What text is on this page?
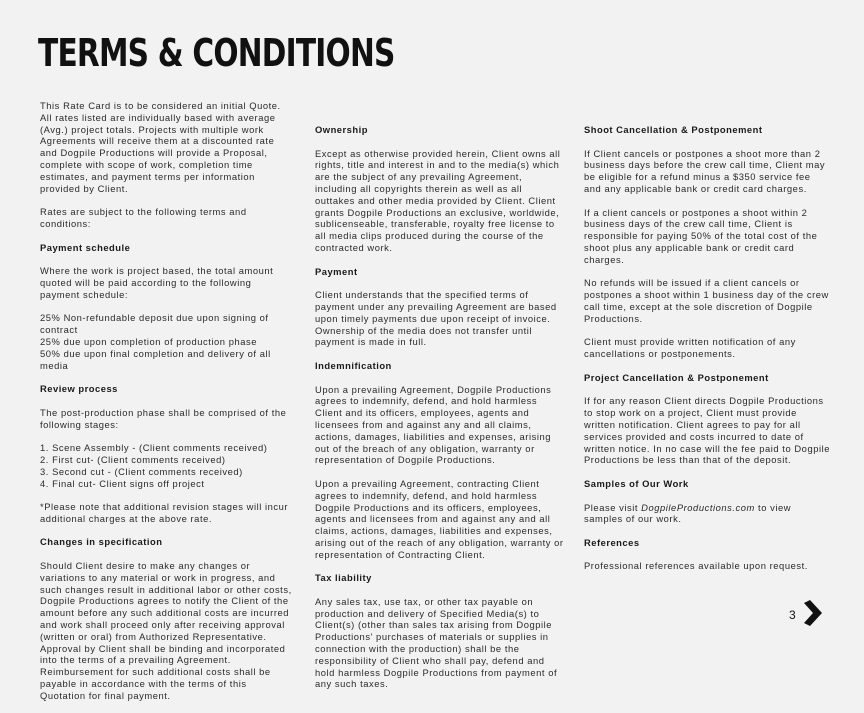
TERMS & CONDITIONS

This Rate Card is to be considered an initial Quote. All rates listed are individually based with average (Avg.) project totals. Projects with multiple work Agreements will receive them at a discounted rate and Dogpile Productions will provide a Proposal, complete with scope of work, completion time estimates, and payment terms per information provided by Client.

Rates are subject to the following terms and conditions:

Payment schedule

Where the work is project based, the total amount quoted will be paid according to the following payment schedule:

25% Non-refundable deposit due upon signing of contract
25% due upon completion of production phase
50% due upon final completion and delivery of all media
Review process

The post-production phase shall be comprised of the following stages:

1. Scene Assembly - (Client comments received)
2. First cut- (Client comments received)
3. Second cut - (Client comments received)
4. Final cut- Client signs off project

*Please note that additional revision stages will incur additional charges at the above rate.

Changes in specification

Should Client desire to make any changes or variations to any material or work in progress, and such changes result in additional labor or other costs, Dogpile Productions agrees to notify the Client of the amount before any such additional costs are incurred and work shall proceed only after receiving approval (written or oral) from Authorized Representative. Approval by Client shall be binding and incorporated into the terms of a prevailing Agreement. Reimbursement for such additional costs shall be payable in accordance with the terms of this Quotation for final payment.

Ownership

Except as otherwise provided herein, Client owns all rights, title and interest in and to the media(s) which are the subject of any prevailing Agreement, including all copyrights therein as well as all outtakes and other media provided by Client. Client grants Dogpile Productions an exclusive, worldwide, sublicenseable, transferable, royalty free license to all media clips produced during the course of the contracted work.

Payment

Client understands that the specified terms of payment under any prevailing Agreement are based upon timely payments due upon receipt of invoice. Ownership of the media does not transfer until payment is made in full.

Indemnification

Upon a prevailing Agreement, Dogpile Productions agrees to indemnify, defend, and hold harmless Client and its officers, employees, agents and licensees from and against any and all claims, actions, damages, liabilities and expenses, arising out of the breach of any obligation, warranty or representation of Dogpile Productions.

Upon a prevailing Agreement, contracting Client agrees to indemnify, defend, and hold harmless Dogpile Productions and its officers, employees, agents and licensees from and against any and all claims, actions, damages, liabilities and expenses, arising out of the reach of any obligation, warranty or representation of Contracting Client.

Tax liability

Any sales tax, use tax, or other tax payable on production and delivery of Specified Media(s) to Client(s) (other than sales tax arising from Dogpile Productions' purchases of materials or supplies in connection with the production) shall be the responsibility of Client who shall pay, defend and hold harmless Dogpile Productions from payment of any such taxes.

Shoot Cancellation & Postponement

If Client cancels or postpones a shoot more than 2 business days before the crew call time, Client may be eligible for a refund minus a $350 service fee and any applicable bank or credit card charges.

If a client cancels or postpones a shoot within 2 business days of the crew call time, Client is responsible for paying 50% of the total cost of the shoot plus any applicable bank or credit card charges.

No refunds will be issued if a client cancels or postpones a shoot within 1 business day of the crew call time, except at the sole discretion of Dogpile Productions.

Client must provide written notification of any cancellations or postponements.

Project Cancellation & Postponement

If for any reason Client directs Dogpile Productions to stop work on a project, Client must provide written notification. Client agrees to pay for all services provided and costs incurred to date of written notice. In no case will the fee paid to Dogpile Productions be less than that of the deposit.

Samples of Our Work

Please visit DogpileProductions.com to view samples of our work.

References

Professional references available upon request.

3
